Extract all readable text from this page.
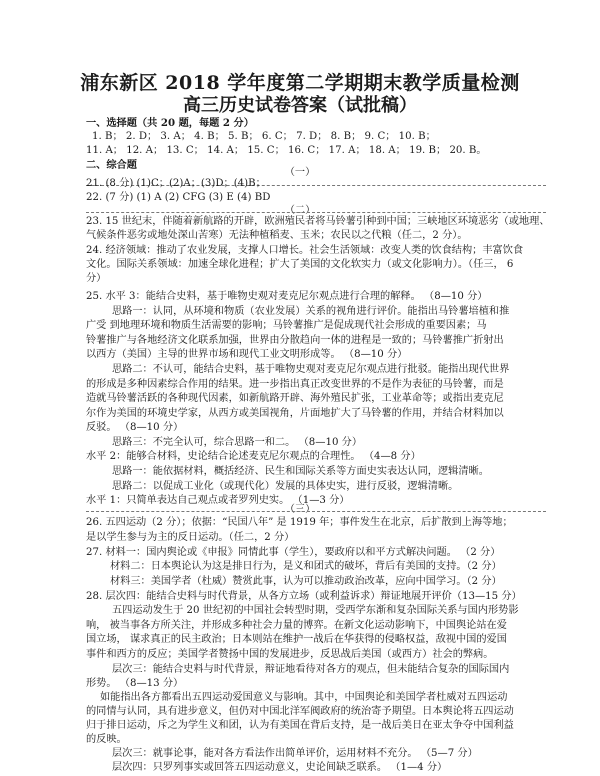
浦东新区 2018 学年度第二学期期末教学质量检测
高三历史试卷答案（试批稿）
一、选择题（共 20 题，每题 2 分）
1. B； 2. D； 3. A； 4. B； 5. B； 6. C； 7. D； 8. B； 9. C； 10. B；
11. A； 12. A； 13. C； 14. A； 15. C； 16. C； 17. A； 18. A； 19. B； 20. B。
二、综合题
（一）
21. (8 分) (1)C；(2)A；(3)D；(4)B；
22. (7 分) (1) A (2) CFG (3) E (4) BD
（二）
23. 15 世纪末，伴随着新航路的开辟，欧洲殖民者将马铃薯引种到中国；三峡地区环境恶劣（或地理、
气候条件恶劣或地处深山苦寒）无法种植稻麦、玉米；农民以之代粮（任二，2 分）。
24. 经济领域：推动了农业发展，支撑人口增长。社会生活领域：改变人类的饮食结构；丰富饮食
文化。国际关系领域：加速全球化进程；扩大了美国的文化软实力（或文化影响力）。（任三， 6
分）
25. 水平 3：能结合史料，基于唯物史观对麦克尼尔观点进行合理的解释。 （8—10 分）
思路一：认同，从环境和物质（农业发展）关系的视角进行评价。能指出马铃薯培植和推
广受 到地理环境和物质生活需要的影响；马铃薯推广是促成现代社会形成的重要因素；马
铃薯推广与各地经济文化联系加强，世界由分散趋向一体的进程是一致的；马铃薯推广折射出
以西方（美国）主导的世界市场和现代工业文明形成等。 （8—10 分）
思路二：不认可，能结合史料，基于唯物史观对麦克尼尔观点进行批驳。能指出现代世界
的形成是多种因素综合作用的结果。进一步指出真正改变世界的不是作为表征的马铃薯，而是
造就马铃薯活跃的各种现代因素，如新航路开辟、海外殖民扩张，工业革命等；或指出麦克尼
尔作为美国的环境史学家，从西方或美国视角，片面地扩大了马铃薯的作用，并结合材料加以
反驳。 （8—10 分）
思路三：不完全认可，综合思路一和二。 （8—10 分）
水平 2：能够合材料，史论结合论述麦克尼尔观点的合理性。 （4—8 分）
思路一：能依据材料，概括经济、民生和国际关系等方面史实表达认同，逻辑清晰。
思路二：以促成工业化（或现代化）发展的具体史实，进行反驳，逻辑清晰。
水平 1：只简单表达自己观点或者罗列史实。 （1—3 分）
（三）
26. 五四运动（2 分）；依据：“民国八年” 是 1919 年；事件发生在北京，后扩散到上海等地；
是以学生参与为主的反日运动。（任二，2 分）
27. 材料一：国内舆论或《申报》同情此事（学生），要政府以和平方式解决问题。 （2 分）
材料二：日本舆论认为这是排日行为，是义和团式的破坏，背后有美国的支持。（2 分）
材料三：美国学者（杜威）赞赏此事，认为可以推动政治改革，应向中国学习。（2 分）
28. 层次四：能结合史料与时代背景，从各方立场（或利益诉求）辩证地展开评价（13—15 分）
五四运动发生于 20 世纪初的中国社会转型时期，受西学东渐和复杂国际关系与国内形势影
响， 被当事各方所关注，并形成多种社会力量的博弈。在新文化运动影响下，中国舆论站在爱
国立场， 谋求真正的民主政治；日本则站在维护一战后在华获得的侵略权益，敌视中国的爱国
事件和西方的反应；美国学者赞扬中国的发展进步，反思战后美国（或西方）社会的弊病。
层次三：能结合史料与时代背景，辩证地看待对各方的观点，但未能结合复杂的国际国内
形势。 （8—13 分）
如能指出各方都看出五四运动爱国意义与影响。其中，中国舆论和美国学者杜威对五四运动
的同情与认同，具有进步意义，但仍对中国北洋军阀政府的统治寄予期望。日本舆论将五四运动
归于排日运动，斥之为学生义和团，认为有美国在背后支持，是一战后美日在亚太争夺中国利益
的反映。
层次三：就事论事，能对各方看法作出简单评价，运用材料不充分。 （5—7 分）
层次四：只罗列事实或回答五四运动意义，史论间缺乏联系。 （1—4 分）
